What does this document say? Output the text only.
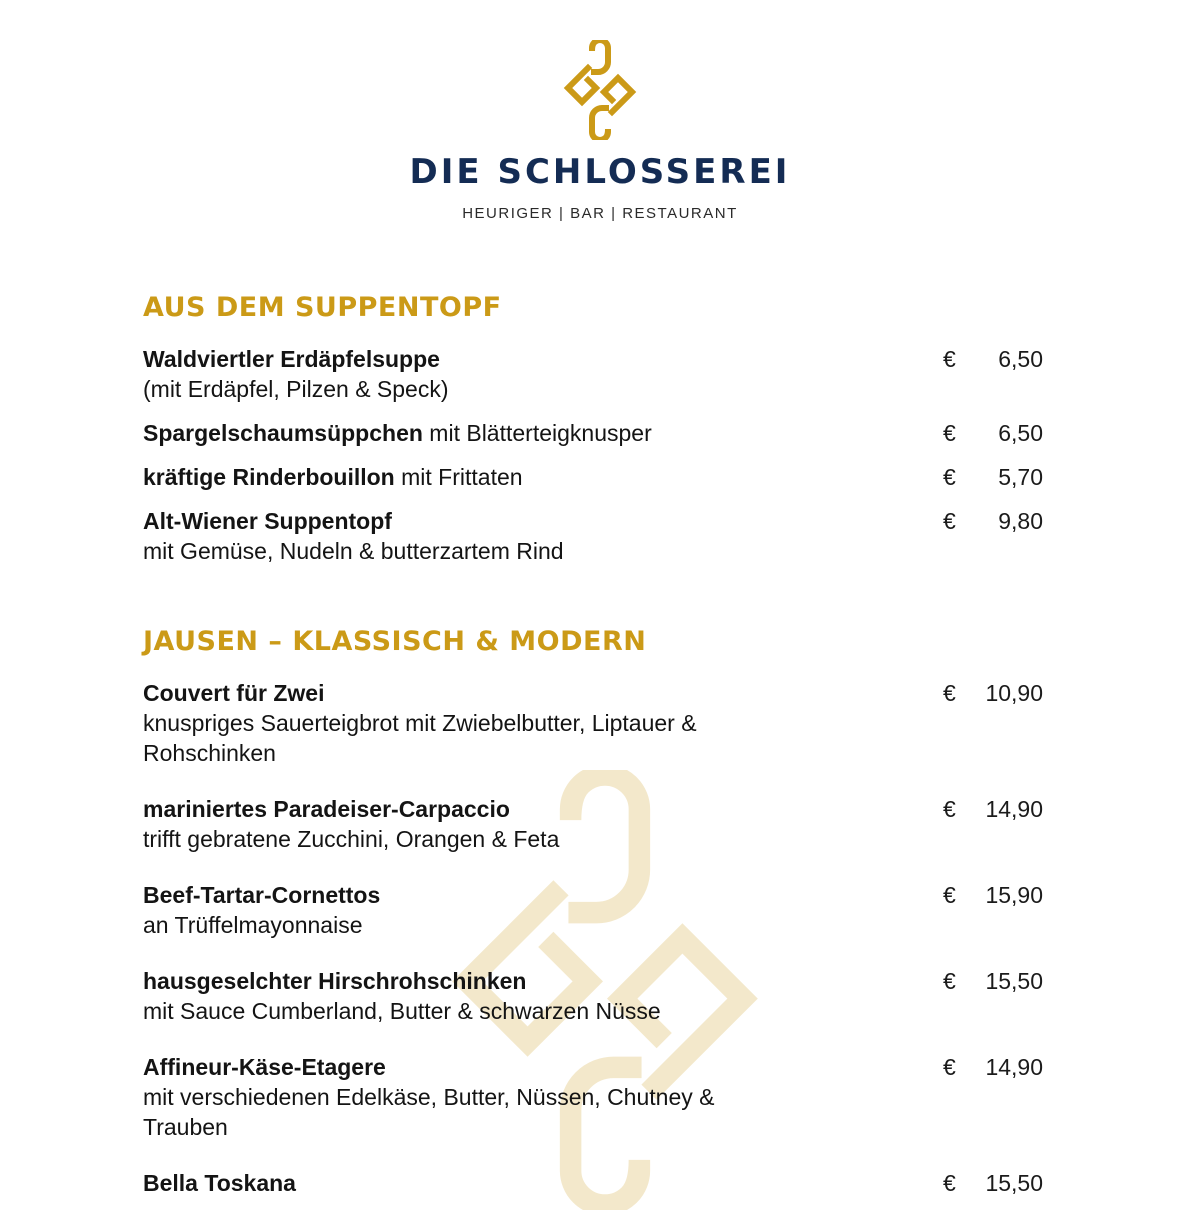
DIE SCHLOSSEREI
HEURIGER | BAR | RESTAURANT
AUS DEM SUPPENTOPF
Waldviertler Erdäpfelsuppe
(mit Erdäpfel, Pilzen & Speck)
€ 6,50
Spargelschaumsüppchen mit Blätterteigknusper	€ 6,50
kräftige Rinderbouillon mit Frittaten	€ 5,70
Alt-Wiener Suppentopf
mit Gemüse, Nudeln & butterzartem Rind
€ 9,80
JAUSEN – KLASSISCH & MODERN
Couvert für Zwei
knuspriges Sauerteigbrot mit Zwiebelbutter, Liptauer & Rohschinken
€ 10,90
mariniertes Paradeiser-Carpaccio
trifft gebratene Zucchini, Orangen & Feta
€ 14,90
Beef-Tartar-Cornettos
an Trüffelmayonnaise
€ 15,90
hausgeselchter Hirschrohschinken
mit Sauce Cumberland, Butter & schwarzen Nüsse
€ 15,50
Affineur-Käse-Etagere
mit verschiedenen Edelkäse, Butter, Nüssen, Chutney & Trauben
€ 14,90
Bella Toskana	€ 15,50
